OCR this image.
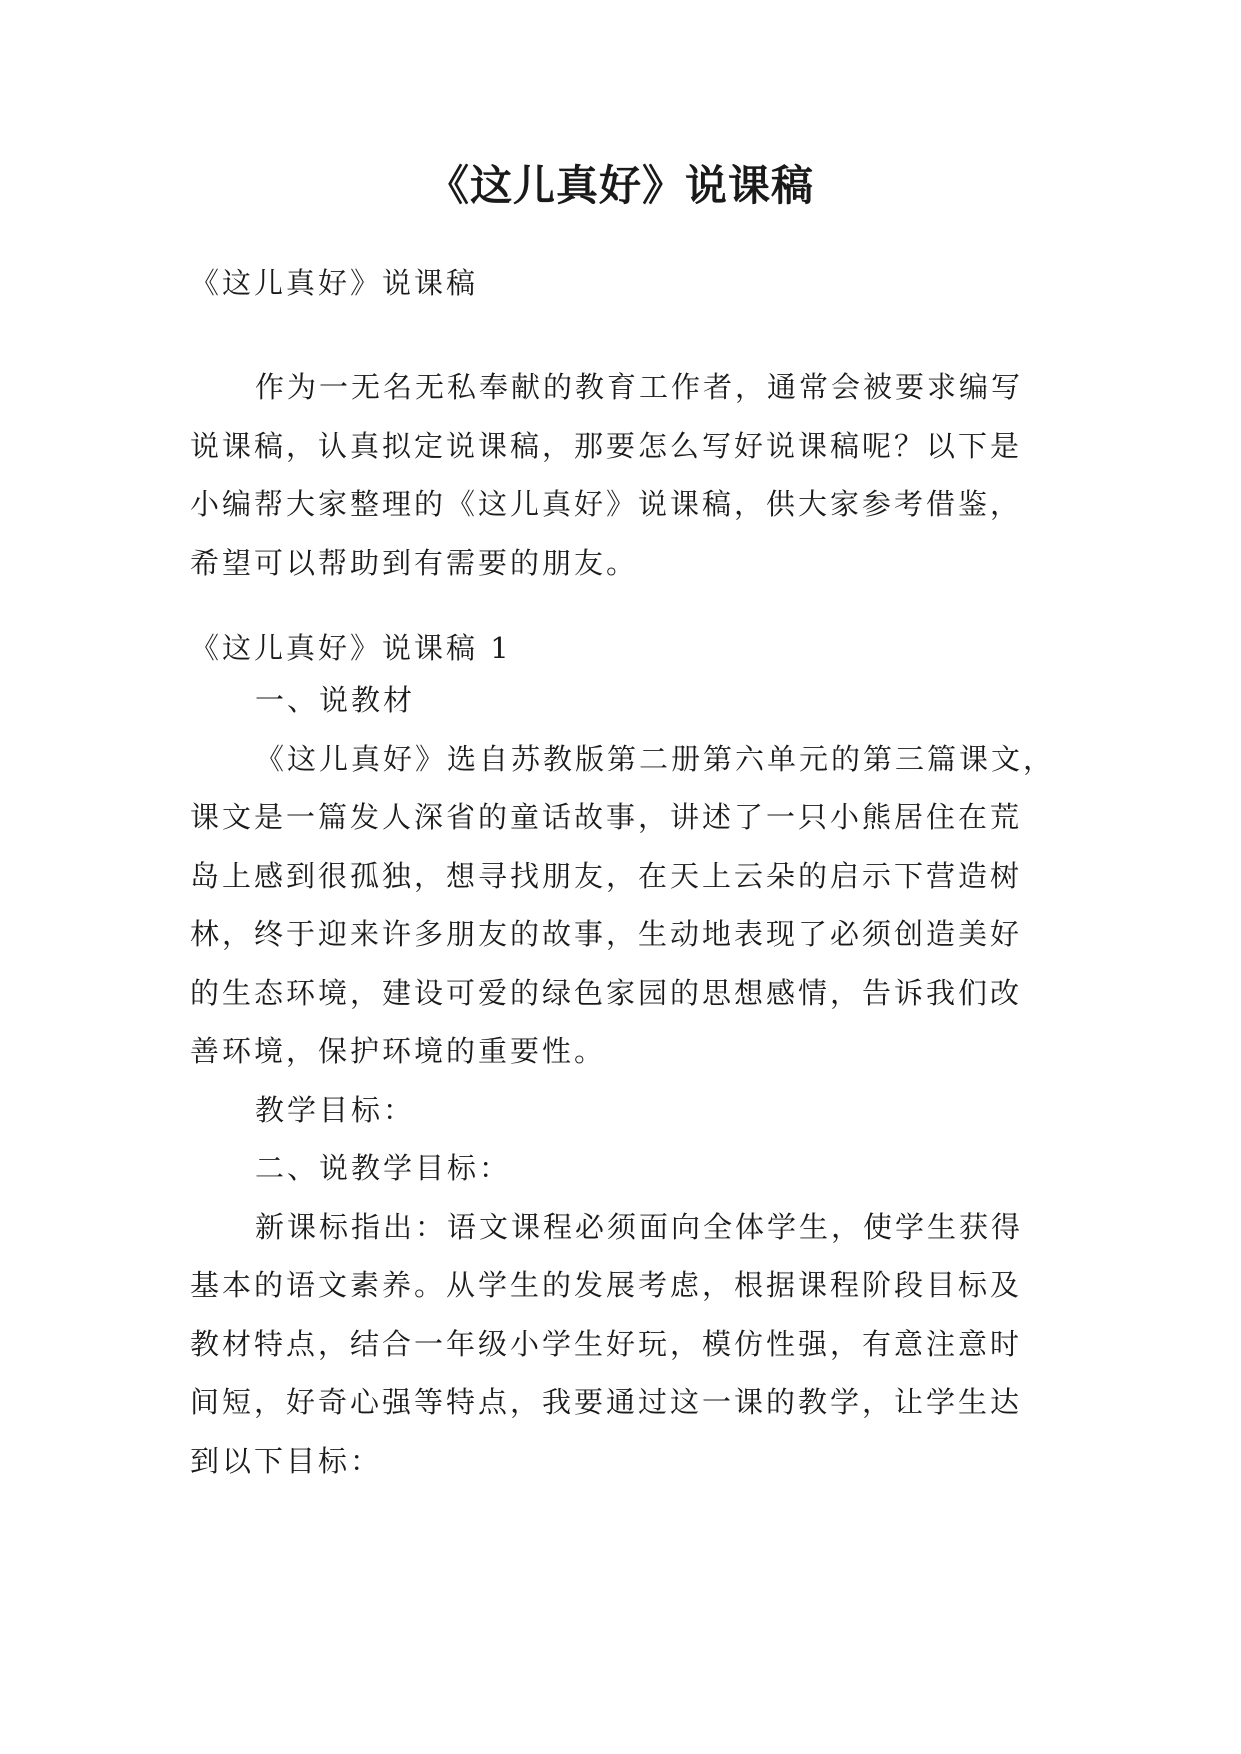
《这儿真好》说课稿

《这儿真好》说课稿

作为一无名无私奉献的教育工作者，通常会被要求编写

说课稿，认真拟定说课稿，那要怎么写好说课稿呢？以下是

小编帮大家整理的《这儿真好》说课稿，供大家参考借鉴，

希望可以帮助到有需要的朋友。

《这儿真好》说课稿 1

一、说教材

《这儿真好》选自苏教版第二册第六单元的第三篇课文，

课文是一篇发人深省的童话故事，讲述了一只小熊居住在荒

岛上感到很孤独，想寻找朋友，在天上云朵的启示下营造树

林，终于迎来许多朋友的故事，生动地表现了必须创造美好

的生态环境，建设可爱的绿色家园的思想感情，告诉我们改

善环境，保护环境的重要性。

教学目标：

二、说教学目标：

新课标指出：语文课程必须面向全体学生，使学生获得

基本的语文素养。从学生的发展考虑，根据课程阶段目标及

教材特点，结合一年级小学生好玩，模仿性强，有意注意时

间短，好奇心强等特点，我要通过这一课的教学，让学生达

到以下目标：
